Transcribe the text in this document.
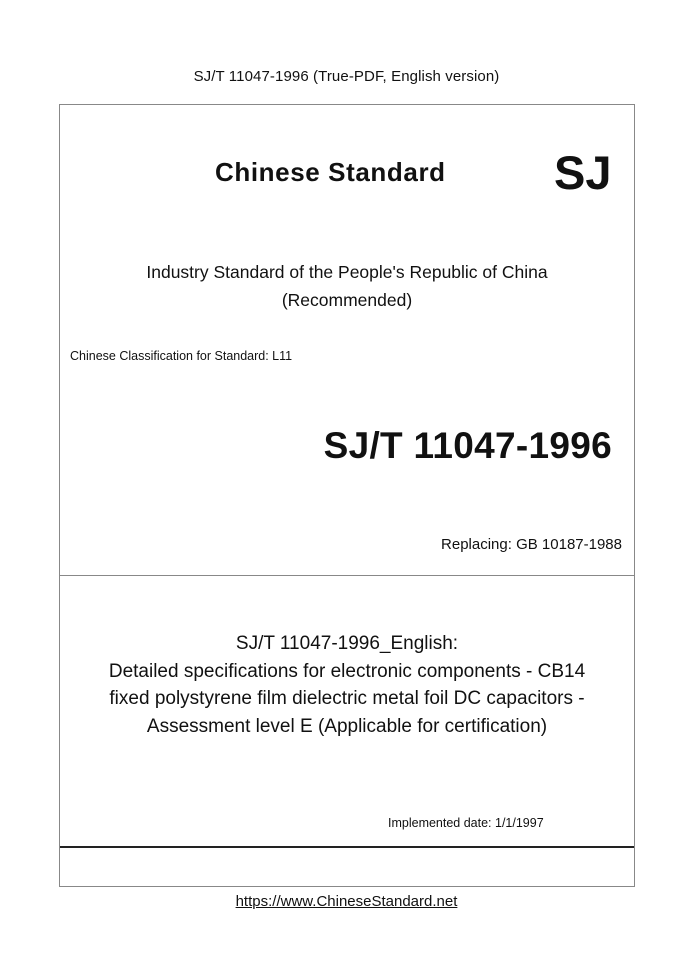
SJ/T 11047-1996 (True-PDF, English version)
Chinese Standard SJ
Industry Standard of the People's Republic of China
(Recommended)
Chinese Classification for Standard: L11
SJ/T 11047-1996
Replacing: GB 10187-1988
SJ/T 11047-1996_English:
Detailed specifications for electronic components - CB14
fixed polystyrene film dielectric metal foil DC capacitors -
Assessment level E (Applicable for certification)
Implemented date: 1/1/1997
https://www.ChineseStandard.net
